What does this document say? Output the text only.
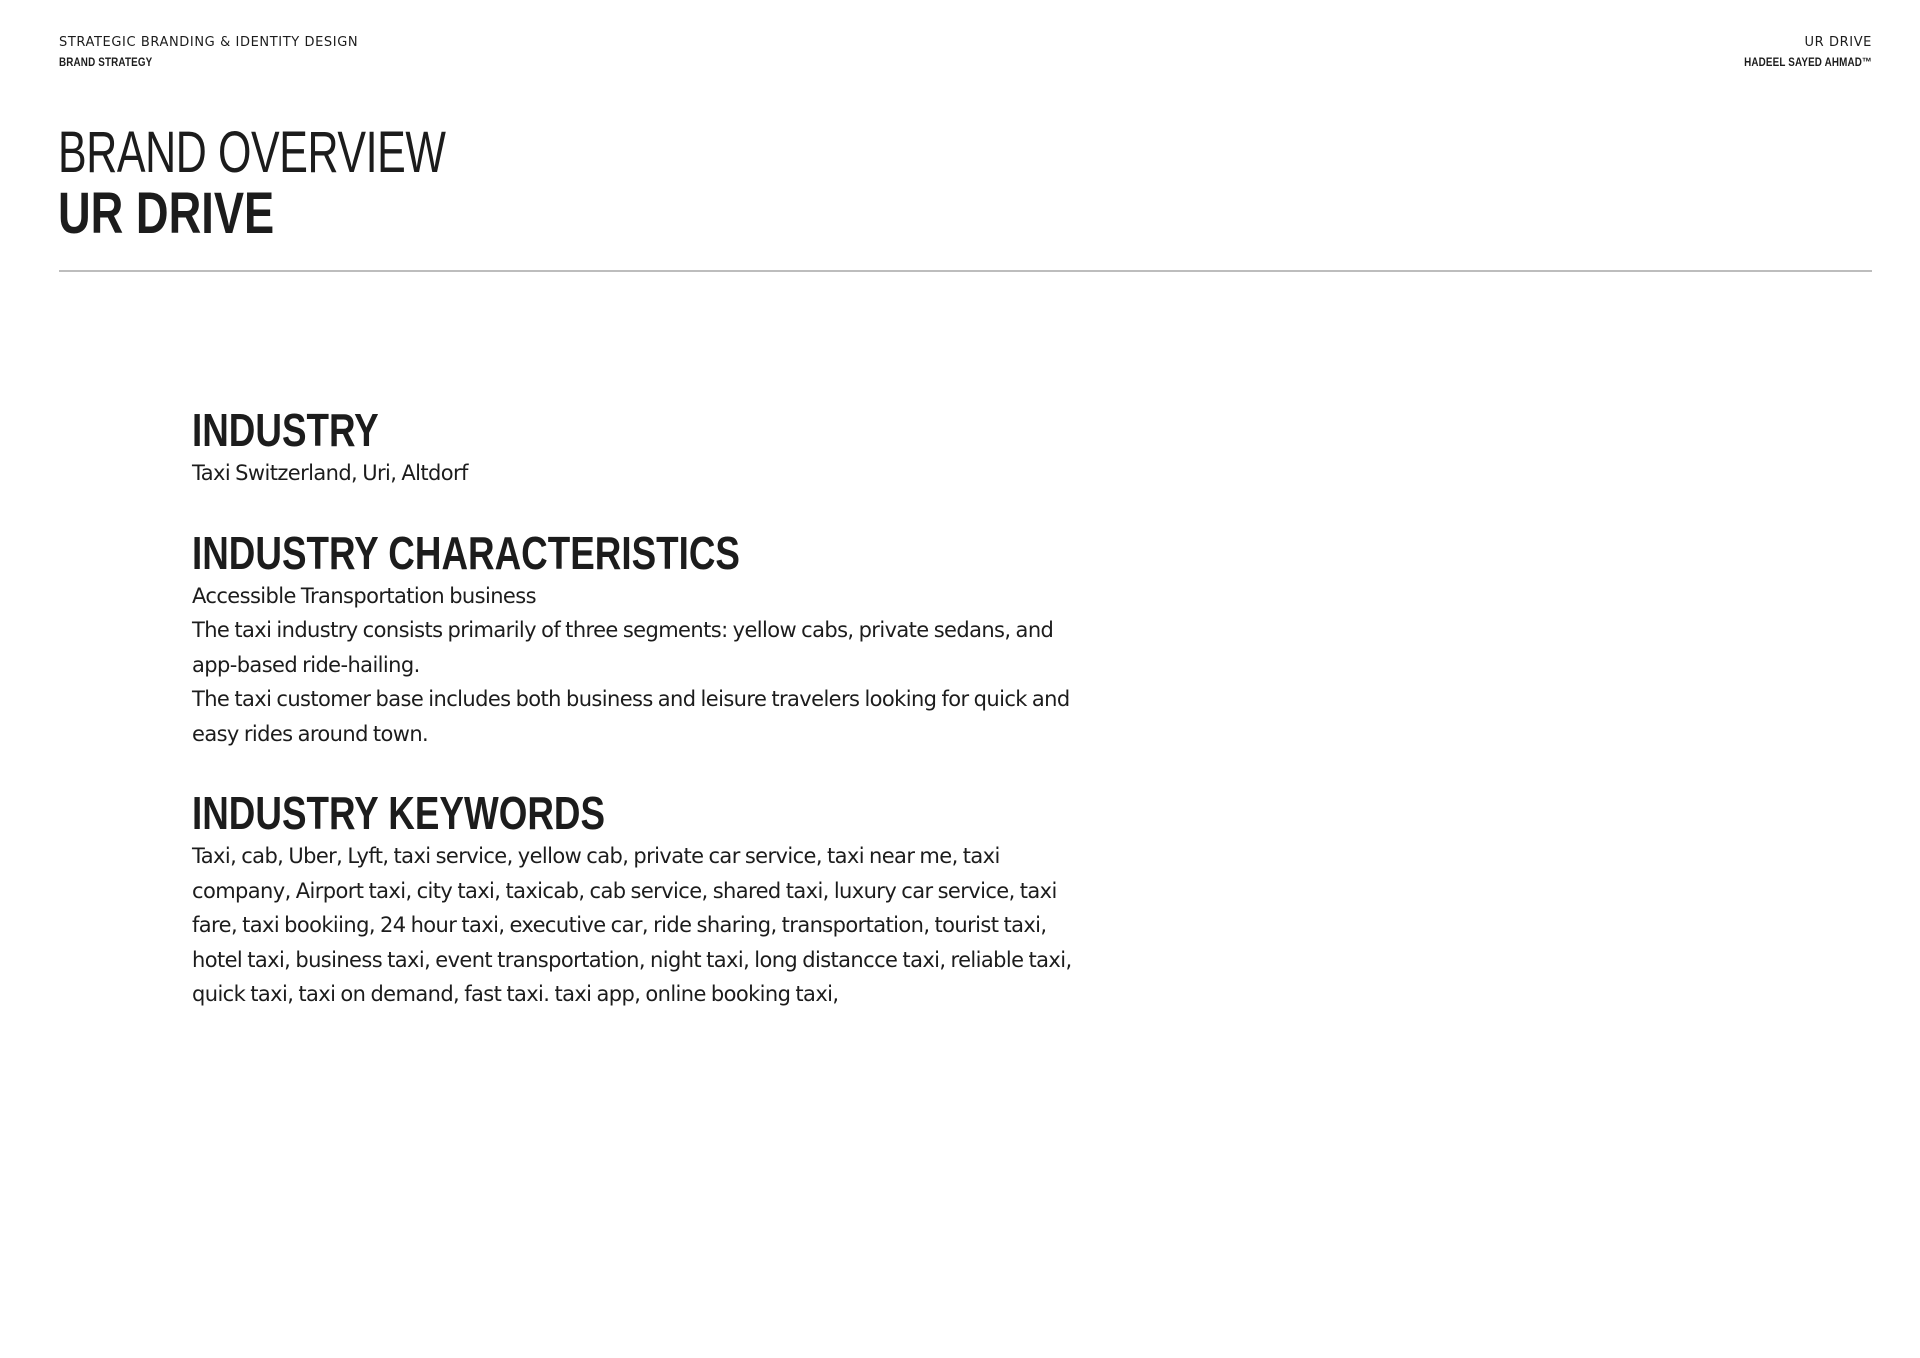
STRATEGIC BRANDING & IDENTITY DESIGN
BRAND STRATEGY
UR DRIVE
HADEEL SAYED AHMAD™
BRAND OVERVIEW
UR DRIVE
INDUSTRY

Taxi Switzerland, Uri, Altdorf

INDUSTRY CHARACTERISTICS

Accessible Transportation business

The taxi industry consists primarily of three segments: yellow cabs, private sedans, and app-based ride-hailing.

The taxi customer base includes both business and leisure travelers looking for quick and easy rides around town.

INDUSTRY KEYWORDS

Taxi, cab, Uber, Lyft, taxi service, yellow cab, private car service, taxi near me, taxi company, Airport taxi, city taxi, taxicab, cab service, shared taxi, luxury car service, taxi fare, taxi bookiing, 24 hour taxi, executive car, ride sharing, transportation, tourist taxi, hotel taxi, business taxi, event transportation, night taxi, long distancce taxi, reliable taxi, quick taxi, taxi on demand, fast taxi. taxi app, online booking taxi,
